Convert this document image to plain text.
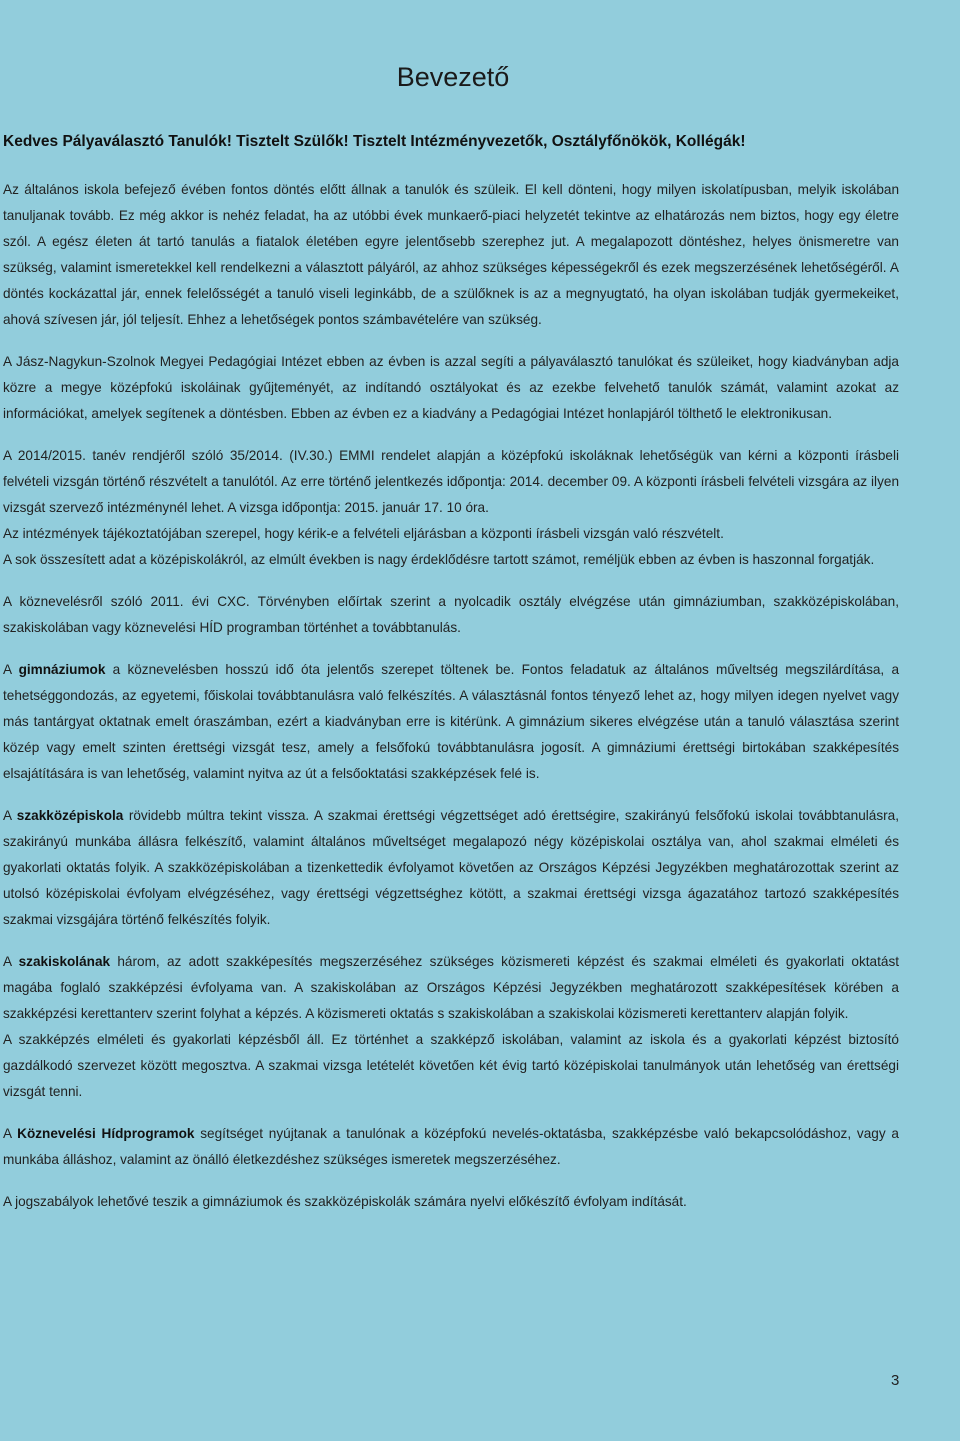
Bevezető

Kedves Pályaválasztó Tanulók! Tisztelt Szülők! Tisztelt Intézményvezetők, Osztályfőnökök, Kollégák!

Az általános iskola befejező évében fontos döntés előtt állnak a tanulók és szüleik. El kell dönteni, hogy milyen iskolatípusban, melyik iskolában tanuljanak tovább. Ez még akkor is nehéz feladat, ha az utóbbi évek munkaerő-piaci helyzetét tekintve az elhatározás nem biztos, hogy egy életre szól. A egész életen át tartó tanulás a fiatalok életében egyre jelentősebb szerephez jut. A megalapozott döntéshez, helyes önismeretre van szükség, valamint ismeretekkel kell rendelkezni a választott pályáról, az ahhoz szükséges képességekről és ezek megszerzésének lehetőségéről. A döntés kockázattal jár, ennek felelősségét a tanuló viseli leginkább, de a szülőknek is az a megnyugtató, ha olyan iskolában tudják gyermekeiket, ahová szívesen jár, jól teljesít. Ehhez a lehetőségek pontos számbavételére van szükség.

A Jász-Nagykun-Szolnok Megyei Pedagógiai Intézet ebben az évben is azzal segíti a pályaválasztó tanulókat és szüleiket, hogy kiadványban adja közre a megye középfokú iskoláinak gyűjteményét, az indítandó osztályokat és az ezekbe felvehető tanulók számát, valamint azokat az információkat, amelyek segítenek a döntésben. Ebben az évben ez a kiadvány a Pedagógiai Intézet honlapjáról tölthető le elektronikusan.

A 2014/2015. tanév rendjéről szóló 35/2014. (IV.30.) EMMI rendelet alapján a középfokú iskoláknak lehetőségük van kérni a központi írásbeli felvételi vizsgán történő részvételt a tanulótól. Az erre történő jelentkezés időpontja: 2014. december 09. A központi írásbeli felvételi vizsgára az ilyen vizsgát szervező intézménynél lehet. A vizsga időpontja: 2015. január 17. 10 óra.

Az intézmények tájékoztatójában szerepel, hogy kérik-e a felvételi eljárásban a központi írásbeli vizsgán való részvételt.

A sok összesített adat a középiskolákról, az elmúlt években is nagy érdeklődésre tartott számot, reméljük ebben az évben is haszonnal forgatják.

A köznevelésről szóló 2011. évi CXC. Törvényben előírtak szerint a nyolcadik osztály elvégzése után gimnáziumban, szakközépiskolában, szakiskolában vagy köznevelési HÍD programban történhet a továbbtanulás.

A gimnáziumok a köznevelésben hosszú idő óta jelentős szerepet töltenek be. Fontos feladatuk az általános műveltség megszilárdítása, a tehetséggondozás, az egyetemi, főiskolai továbbtanulásra való felkészítés. A választásnál fontos tényező lehet az, hogy milyen idegen nyelvet vagy más tantárgyat oktatnak emelt óraszámban, ezért a kiadványban erre is kitérünk. A gimnázium sikeres elvégzése után a tanuló választása szerint közép vagy emelt szinten érettségi vizsgát tesz, amely a felsőfokú továbbtanulásra jogosít. A gimnáziumi érettségi birtokában szakképesítés elsajátítására is van lehetőség, valamint nyitva az út a felsőoktatási szakképzések felé is.

A szakközépiskola rövidebb múltra tekint vissza. A szakmai érettségi végzettséget adó érettségire, szakirányú felsőfokú iskolai továbbtanulásra, szakirányú munkába állásra felkészítő, valamint általános műveltséget megalapozó négy középiskolai osztálya van, ahol szakmai elméleti és gyakorlati oktatás folyik. A szakközépiskolában a tizenkettedik évfolyamot követően az Országos Képzési Jegyzékben meghatározottak szerint az utolsó középiskolai évfolyam elvégzéséhez, vagy érettségi végzettséghez kötött, a szakmai érettségi vizsga ágazatához tartozó szakképesítés szakmai vizsgájára történő felkészítés folyik.

A szakiskolának három, az adott szakképesítés megszerzéséhez szükséges közismereti képzést és szakmai elméleti és gyakorlati oktatást magába foglaló szakképzési évfolyama van. A szakiskolában az Országos Képzési Jegyzékben meghatározott szakképesítések körében a szakképzési kerettanterv szerint folyhat a képzés. A közismereti oktatás s szakiskolában a szakiskolai közismereti kerettanterv alapján folyik.

A szakképzés elméleti és gyakorlati képzésből áll. Ez történhet a szakképző iskolában, valamint az iskola és a gyakorlati képzést biztosító gazdálkodó szervezet között megosztva. A szakmai vizsga letételét követően két évig tartó középiskolai tanulmányok után lehetőség van érettségi vizsgát tenni.

A Köznevelési Hídprogramok segítséget nyújtanak a tanulónak a középfokú nevelés-oktatásba, szakképzésbe való bekapcsolódáshoz, vagy a munkába álláshoz, valamint az önálló életkezdéshez szükséges ismeretek megszerzéséhez.

A jogszabályok lehetővé teszik a gimnáziumok és szakközépiskolák számára nyelvi előkészítő évfolyam indítását.

3
